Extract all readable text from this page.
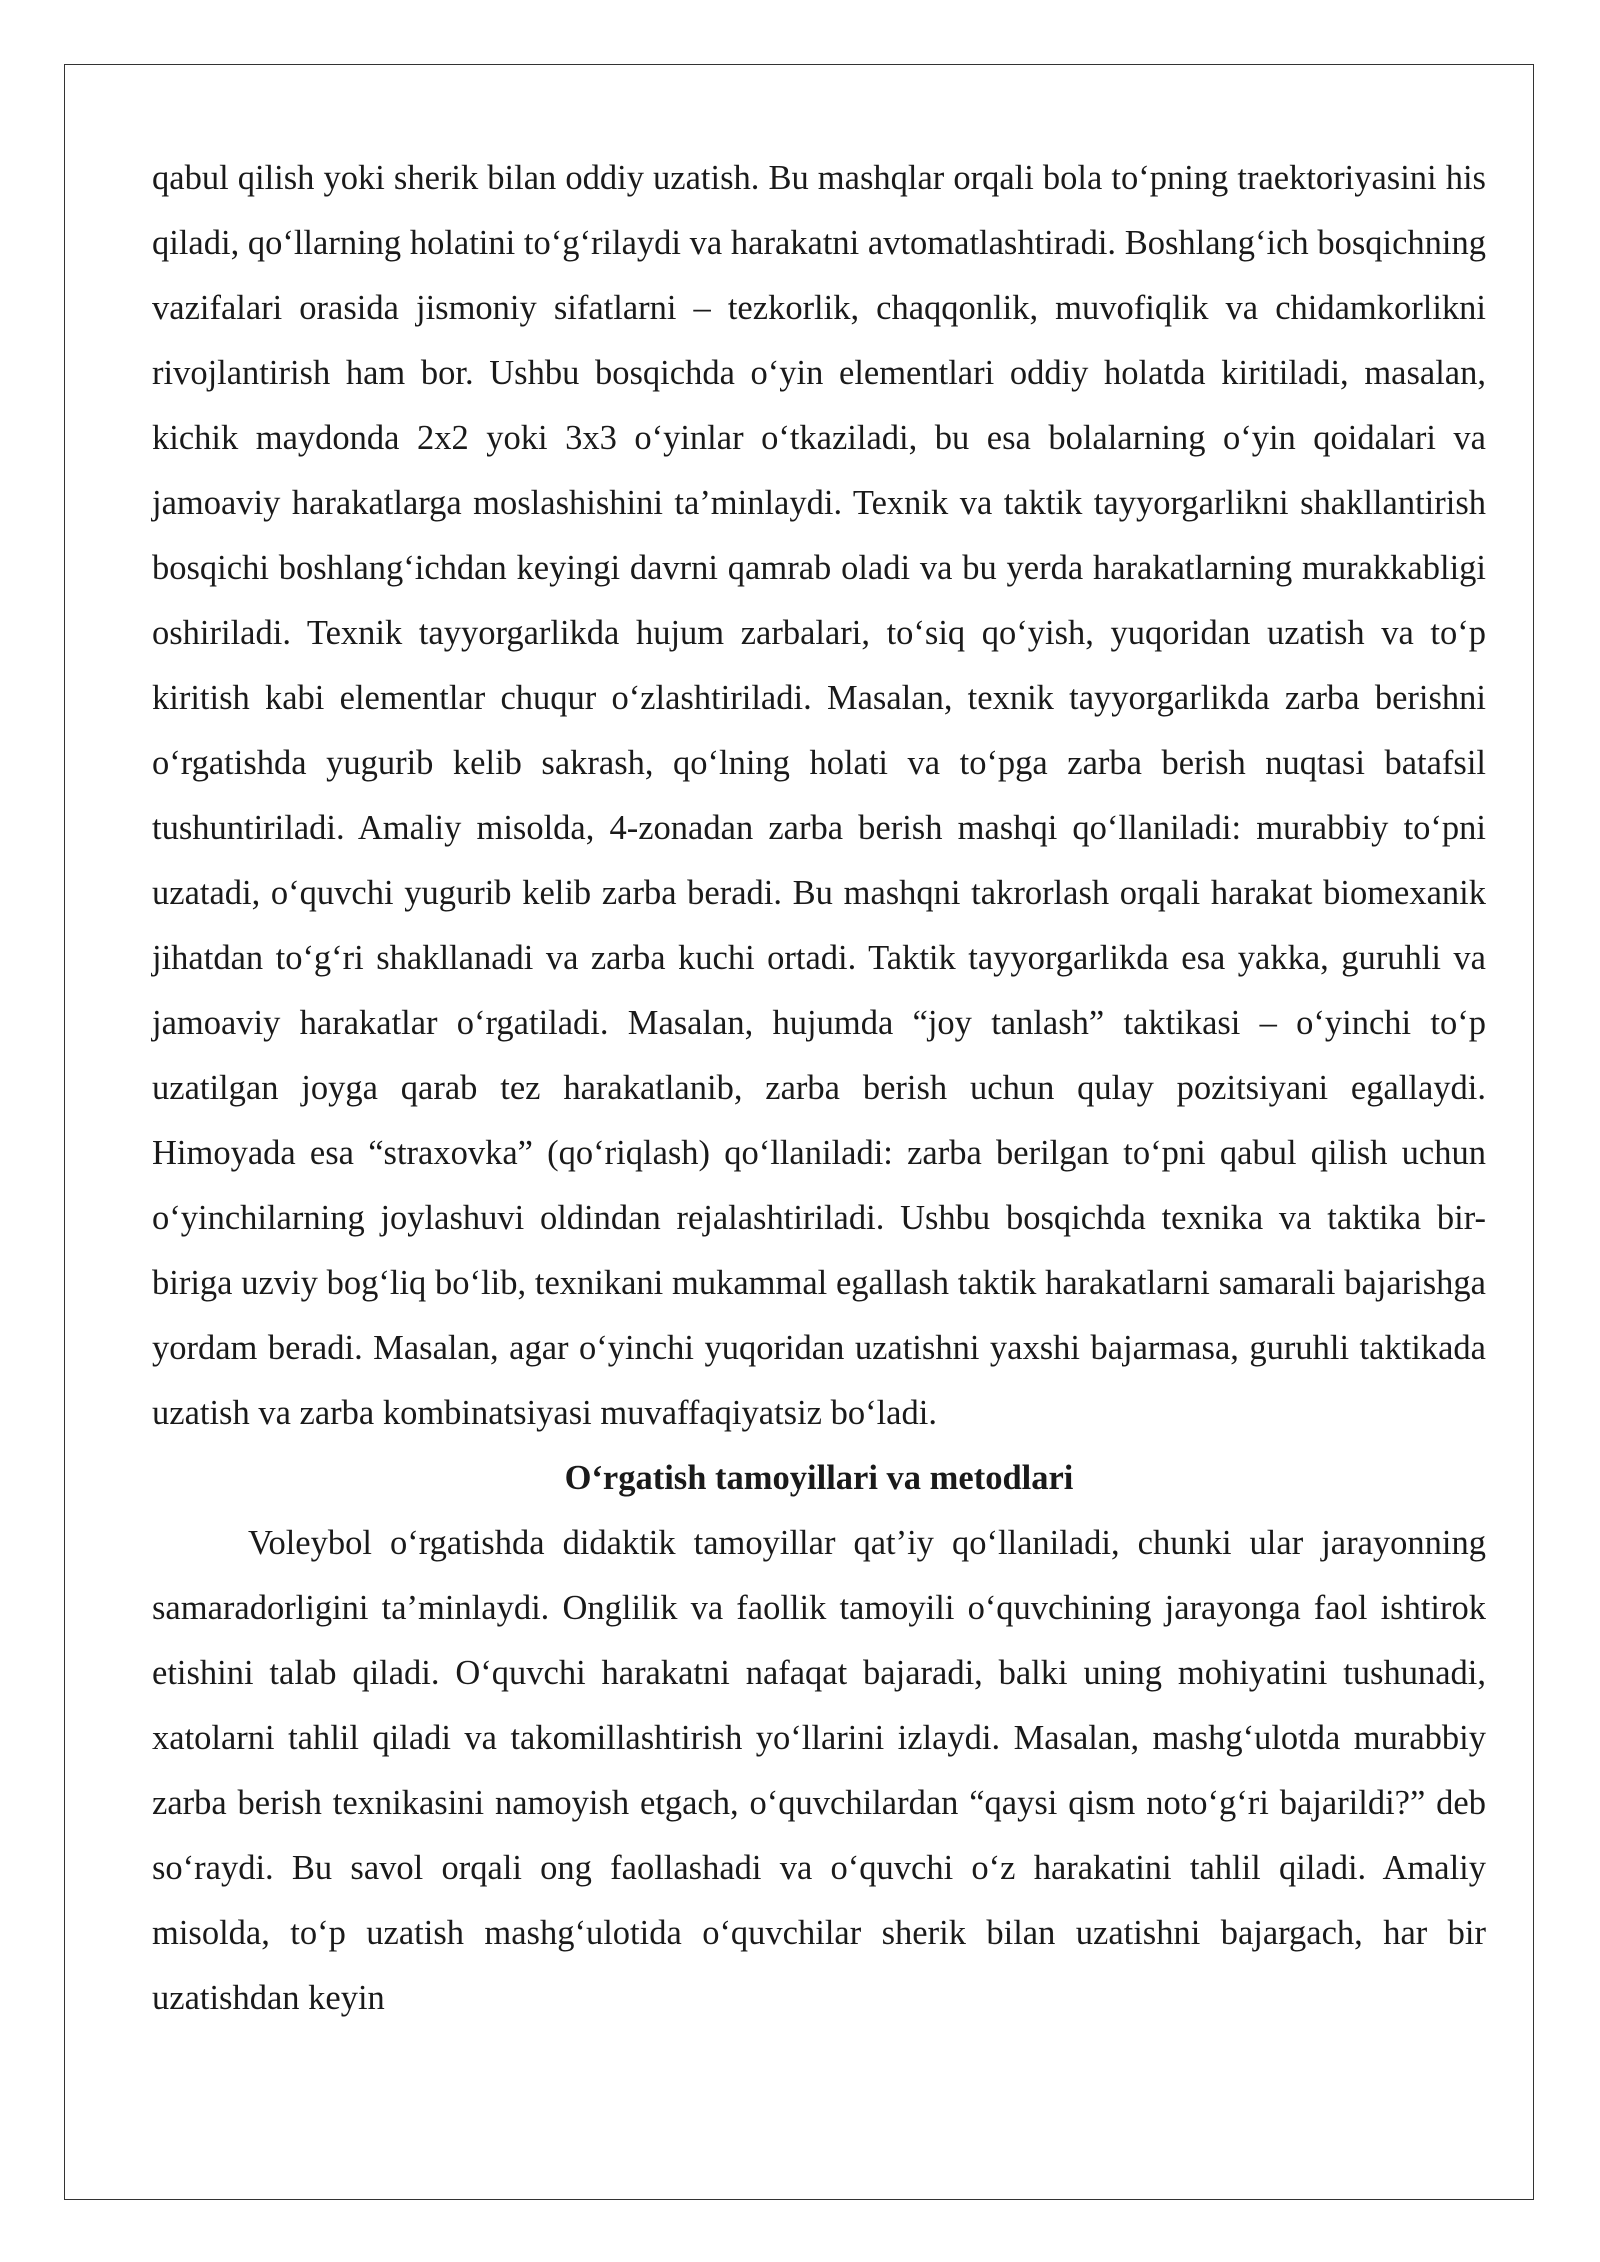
qabul qilish yoki sherik bilan oddiy uzatish. Bu mashqlar orqali bola to‘pning traektoriyasini his qiladi, qo‘llarning holatini to‘g‘rilaydi va harakatni avtomatlashtiradi. Boshlang‘ich bosqichning vazifalari orasida jismoniy sifatlarni – tezkorlik, chaqqonlik, muvofiqlik va chidamkorlikni rivojlantirish ham bor. Ushbu bosqichda o‘yin elementlari oddiy holatda kiritiladi, masalan, kichik maydonda 2x2 yoki 3x3 o‘yinlar o‘tkaziladi, bu esa bolalarning o‘yin qoidalari va jamoaviy harakatlarga moslashishini ta’minlaydi. Texnik va taktik tayyorgarlikni shakllantirish bosqichi boshlang‘ichdan keyingi davrni qamrab oladi va bu yerda harakatlarning murakkabligi oshiriladi. Texnik tayyorgarlikda hujum zarbalari, to‘siq qo‘yish, yuqoridan uzatish va to‘p kiritish kabi elementlar chuqur o‘zlashtiriladi. Masalan, texnik tayyorgarlikda zarba berishni o‘rgatishda yugurib kelib sakrash, qo‘lning holati va to‘pga zarba berish nuqtasi batafsil tushuntiriladi. Amaliy misolda, 4-zonadan zarba berish mashqi qo‘llaniladi: murabbiy to‘pni uzatadi, o‘quvchi yugurib kelib zarba beradi. Bu mashqni takrorlash orqali harakat biomexanik jihatdan to‘g‘ri shakllanadi va zarba kuchi ortadi. Taktik tayyorgarlikda esa yakka, guruhli va jamoaviy harakatlar o‘rgatiladi. Masalan, hujumda “joy tanlash” taktikasi – o‘yinchi to‘p uzatilgan joyga qarab tez harakatlanib, zarba berish uchun qulay pozitsiyani egallaydi. Himoyada esa “straxovka” (qo‘riqlash) qo‘llaniladi: zarba berilgan to‘pni qabul qilish uchun o‘yinchilarning joylashuvi oldindan rejalashtiriladi. Ushbu bosqichda texnika va taktika bir-biriga uzviy bog‘liq bo‘lib, texnikani mukammal egallash taktik harakatlarni samarali bajarishga yordam beradi. Masalan, agar o‘yinchi yuqoridan uzatishni yaxshi bajarmasa, guruhli taktikada uzatish va zarba kombinatsiyasi muvaffaqiyatsiz bo‘ladi.

O‘rgatish tamoyillari va metodlari

Voleybol o‘rgatishda didaktik tamoyillar qat’iy qo‘llaniladi, chunki ular jarayonning samaradorligini ta’minlaydi. Onglilik va faollik tamoyili o‘quvchining jarayonga faol ishtirok etishini talab qiladi. O‘quvchi harakatni nafaqat bajaradi, balki uning mohiyatini tushunadi, xatolarni tahlil qiladi va takomillashtirish yo‘llarini izlaydi. Masalan, mashg‘ulotda murabbiy zarba berish texnikasini namoyish etgach, o‘quvchilardan “qaysi qism noto‘g‘ri bajarildi?” deb so‘raydi. Bu savol orqali ong faollashadi va o‘quvchi o‘z harakatini tahlil qiladi. Amaliy misolda, to‘p uzatish mashg‘ulotida o‘quvchilar sherik bilan uzatishni bajargach, har bir uzatishdan keyin
